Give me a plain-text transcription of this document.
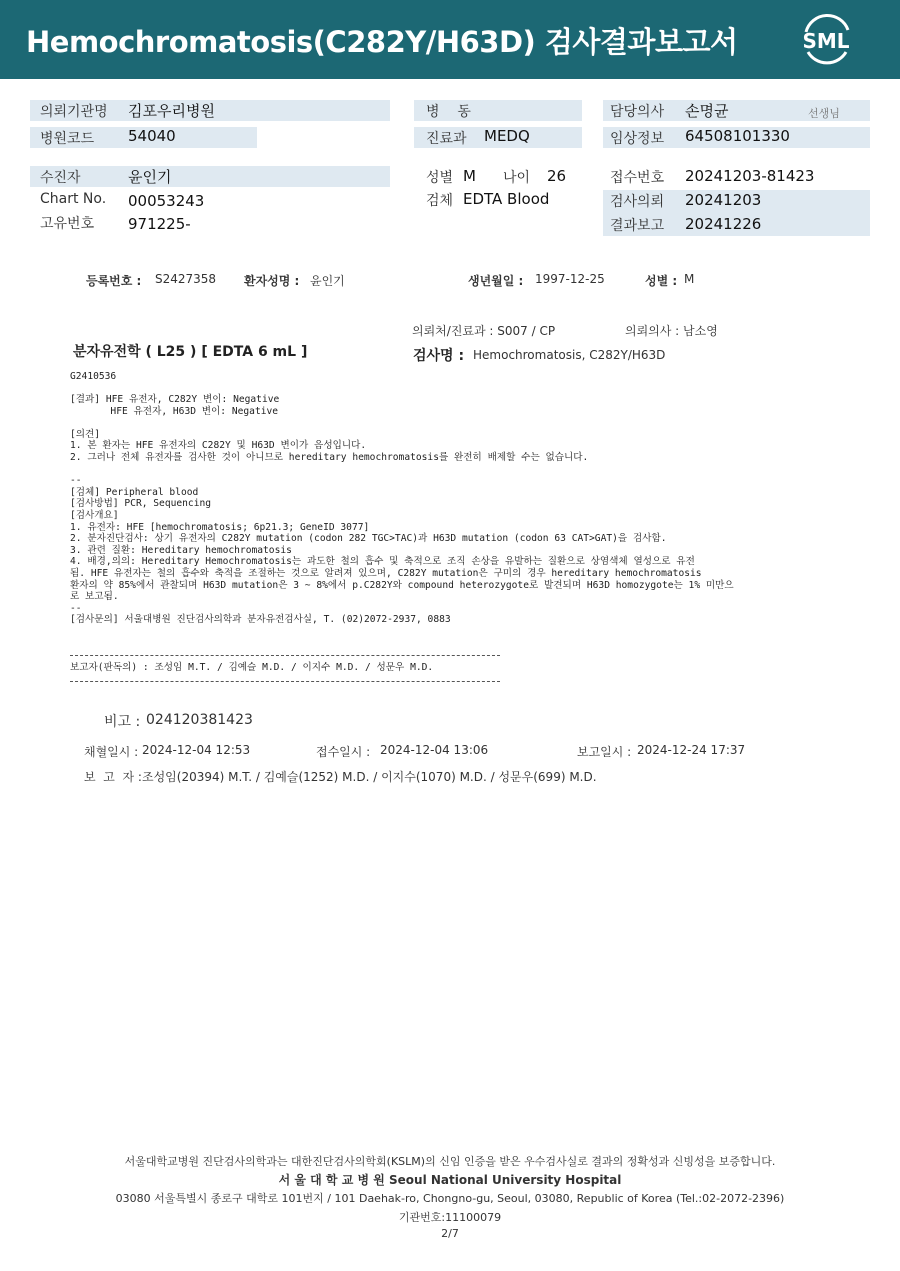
Hemochromatosis(C282Y/H63D) 검사결과보고서	SML
의뢰기관명 김포우리병원
병원코드 54040
병    동
진료과 MEDQ
담당의사 손명균	선생님
임상정보 64508101330
수진자	윤인기
Chart No. 00053243
고유번호 971225-
성별 M 나이 26
검체 EDTA Blood
접수번호 20241203-81423
검사의뢰 20241203
결과보고 20241226
등록번호 : S2427358 환자성명 : 윤인기	생년월일 : 1997-12-25	성별 : M
의뢰처/진료과 : S007 / CP	의뢰의사 : 남소영
분자유전학 ( L25 ) [ EDTA 6 mL ]	검사명 : Hemochromatosis, C282Y/H63D
G2410536
[결과] HFE 유전자, C282Y 변이: Negative
HFE 유전자, H63D 변이: Negative
[의견]
1. 본 환자는 HFE 유전자의 C282Y 및 H63D 변이가 음성입니다.
2. 그러나 전체 유전자를 검사한 것이 아니므로 hereditary hemochromatosis를 완전히 배제할 수는 없습니다.
--
[검체] Peripheral blood
[검사방법] PCR, Sequencing
[검사개요]
1. 유전자: HFE [hemochromatosis; 6p21.3; GeneID 3077]
2. 분자진단검사: 상기 유전자의 C282Y mutation (codon 282 TGC>TAC)과 H63D mutation (codon 63 CAT>GAT)을 검사함.
3. 관련 질환: Hereditary hemochromatosis
4. 배경,의의: Hereditary Hemochromatosis는 과도한 철의 흡수 및 축적으로 조직 손상을 유발하는 질환으로 상염색체 열성으로 유전
됨. HFE 유전자는 철의 흡수와 축적을 조절하는 것으로 알려져 있으며, C282Y mutation은 구미의 경우 hereditary hemochromatosis
환자의 약 85%에서 관찰되며 H63D mutation은 3 ~ 8%에서 p.C282Y와 compound heterozygote로 발견되며 H63D homozygote는 1% 미만으
로 보고됨.
--
[검사문의] 서울대병원 진단검사의학과 분자유전검사실, T. (02)2072-2937, 0883
보고자(판독의) : 조성임 M.T. / 김예슬 M.D. / 이지수 M.D. / 성문우 M.D.
비고 : 024120381423
채혈일시 : 2024-12-04 12:53	접수일시 : 2024-12-04 13:06	보고일시 : 2024-12-24 17:37
보  고  자 : 조성임(20394) M.T. / 김예슬(1252) M.D. / 이지수(1070) M.D. / 성문우(699) M.D.
서울대학교병원 진단검사의학과는 대한진단검사의학회(KSLM)의 신임 인증을 받은 우수검사실로 결과의 정확성과 신빙성을 보증합니다.
서 울 대 학 교 병 원 Seoul National University Hospital
03080 서울특별시 종로구 대학로 101번지 / 101 Daehak-ro, Chongno-gu, Seoul, 03080, Republic of Korea (Tel.:02-2072-2396)
기관번호:11100079
2/7
